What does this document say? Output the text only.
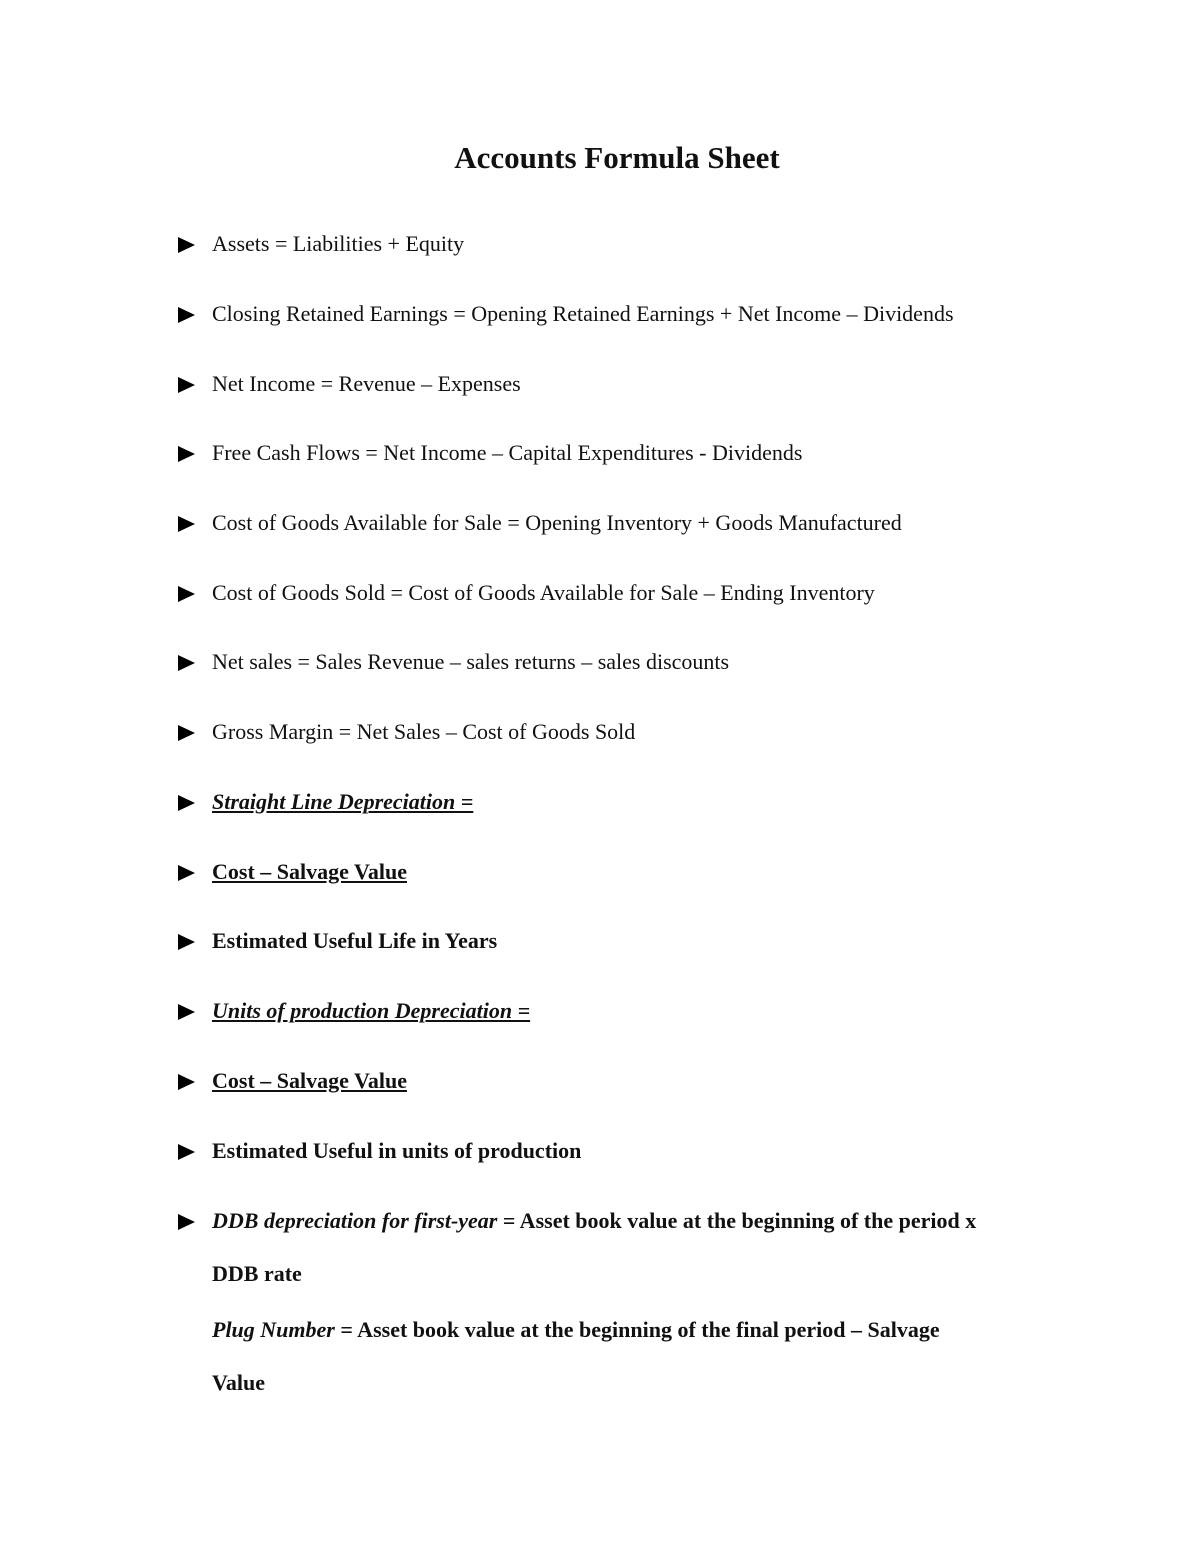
Accounts Formula Sheet
Assets = Liabilities + Equity
Closing Retained Earnings = Opening Retained Earnings + Net Income – Dividends
Net Income = Revenue – Expenses
Free Cash Flows = Net Income – Capital Expenditures - Dividends
Cost of Goods Available for Sale = Opening Inventory + Goods Manufactured
Cost of Goods Sold = Cost of Goods Available for Sale – Ending Inventory
Net sales = Sales Revenue – sales returns – sales discounts
Gross Margin = Net Sales – Cost of Goods Sold
Straight Line Depreciation =
Cost – Salvage Value
Estimated Useful Life in Years
Units of production Depreciation =
Cost – Salvage Value
Estimated Useful in units of production
DDB depreciation for first-year = Asset book value at the beginning of the period x
DDB rate
Plug Number = Asset book value at the beginning of the final period – Salvage
Value
